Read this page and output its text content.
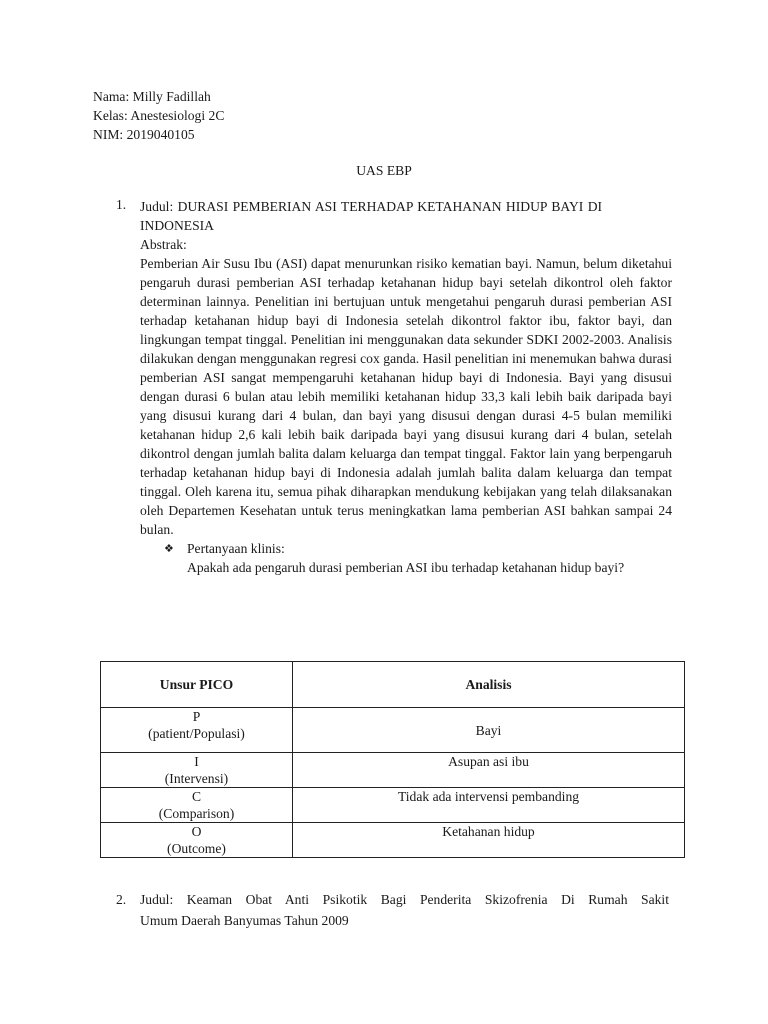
Nama: Milly Fadillah
Kelas: Anestesiologi 2C
NIM: 2019040105
UAS EBP
1. Judul: DURASI PEMBERIAN ASI TERHADAP KETAHANAN HIDUP BAYI DI INDONESIA
Abstrak:
Pemberian Air Susu Ibu (ASI) dapat menurunkan risiko kematian bayi. Namun, belum diketahui pengaruh durasi pemberian ASI terhadap ketahanan hidup bayi setelah dikontrol oleh faktor determinan lainnya. Penelitian ini bertujuan untuk mengetahui pengaruh durasi pemberian ASI terhadap ketahanan hidup bayi di Indonesia setelah dikontrol faktor ibu, faktor bayi, dan lingkungan tempat tinggal. Penelitian ini menggunakan data sekunder SDKI 2002-2003. Analisis dilakukan dengan menggunakan regresi cox ganda. Hasil penelitian ini menemukan bahwa durasi pemberian ASI sangat mempengaruhi ketahanan hidup bayi di Indonesia. Bayi yang disusui dengan durasi 6 bulan atau lebih memiliki ketahanan hidup 33,3 kali lebih baik daripada bayi yang disusui kurang dari 4 bulan, dan bayi yang disusui dengan durasi 4-5 bulan memiliki ketahanan hidup 2,6 kali lebih baik daripada bayi yang disusui kurang dari 4 bulan, setelah dikontrol dengan jumlah balita dalam keluarga dan tempat tinggal. Faktor lain yang berpengaruh terhadap ketahanan hidup bayi di Indonesia adalah jumlah balita dalam keluarga dan tempat tinggal. Oleh karena itu, semua pihak diharapkan mendukung kebijakan yang telah dilaksanakan oleh Departemen Kesehatan untuk terus meningkatkan lama pemberian ASI bahkan sampai 24 bulan.
❖ Pertanyaan klinis:
Apakah ada pengaruh durasi pemberian ASI ibu terhadap ketahanan hidup bayi?
Unsur PICO	Analisis

P
(patient/Populasi)	Bayi

I
(Intervensi)	Asupan asi ibu

C
(Comparison)	Tidak ada intervensi pembanding

O
(Outcome)	Ketahanan hidup
2. Judul: Keaman Obat Anti Psikotik Bagi Penderita Skizofrenia Di Rumah Sakit
Umum Daerah Banyumas Tahun 2009
